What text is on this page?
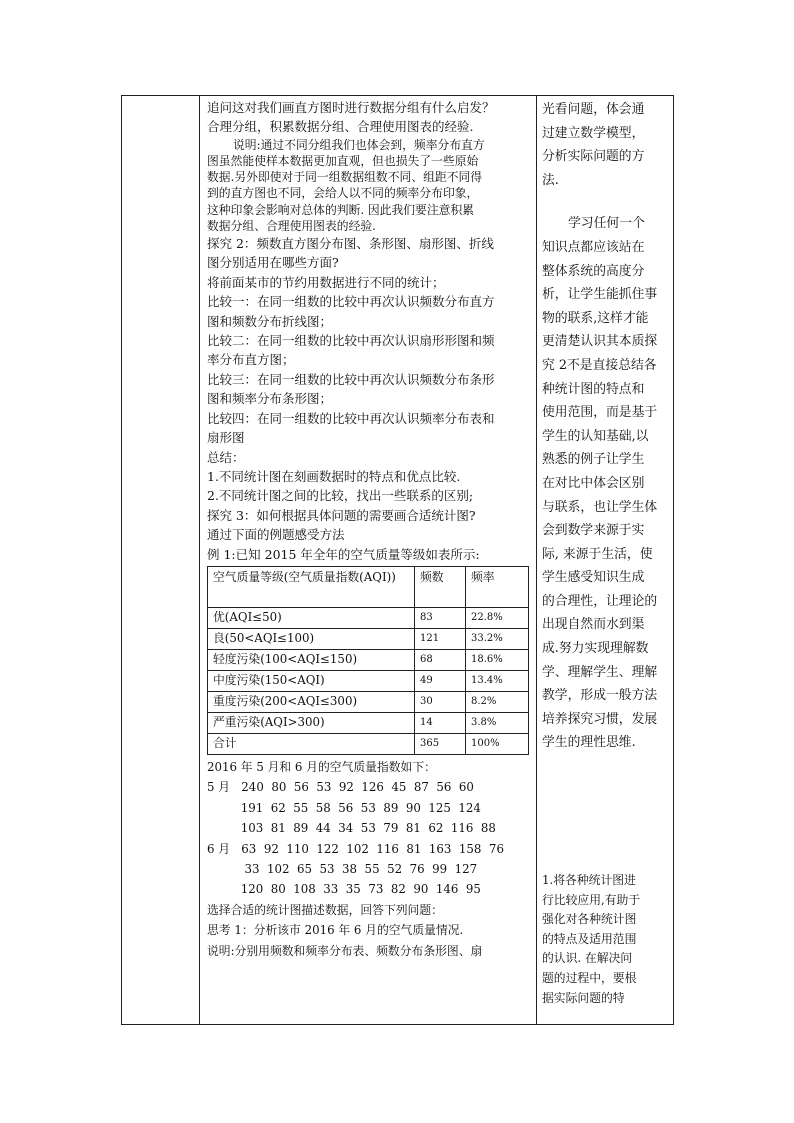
追问这对我们画直方图时进行数据分组有什么启发？

合理分组，积累数据分组、合理使用图表的经验.

说明:通过不同分组我们也体会到，频率分布直方

图虽然能使样本数据更加直观，但也损失了一些原始

数据.另外即使对于同一组数据组数不同、组距不同得

到的直方图也不同，会给人以不同的频率分布印象，

这种印象会影响对总体的判断. 因此我们要注意积累

数据分组、合理使用图表的经验.

探究 2：频数直方图分布图、条形图、扇形图、折线

图分别适用在哪些方面?

将前面某市的节约用数据进行不同的统计；

比较一：在同一组数的比较中再次认识频数分布直方

图和频数分布折线图；

比较二：在同一组数的比较中再次认识扇形形图和频

率分布直方图；

比较三：在同一组数的比较中再次认识频数分布条形

图和频率分布条形图；

比较四：在同一组数的比较中再次认识频率分布表和

扇形图

总结：

1.不同统计图在刻画数据时的特点和优点比较.

2.不同统计图之间的比较，找出一些联系的区别;

探究 3：如何根据具体问题的需要画合适统计图?

通过下面的例题感受方法

例 1:已知 2015 年全年的空气质量等级如表所示:

空气质量等级(空气质量指数(AQI))	频数	频率
优(AQI≤50)	83	22.8%
良(50<AQI≤100)	121	33.2%
轻度污染(100<AQI≤150)	68	18.6%
中度污染(150<AQI)	49	13.4%
重度污染(200<AQI≤300)	30	8.2%
严重污染(AQI>300)	14	3.8%
合计	365	100%

2016 年 5 月和 6 月的空气质量指数如下：

5 月   240  80  56  53  92  126  45  87  56  60

191  62  55  58  56  53  89  90  125  124

103  81  89  44  34  53  79  81  62  116  88

6 月   63  92  110  122  102  116  81  163  158  76

33  102  65  53  38  55  52  76  99  127

120  80  108  33  35  73  82  90  146  95

选择合适的统计图描述数据，回答下列问题：

思考 1：分析该市 2016 年 6 月的空气质量情况.

说明:分别用频数和频率分布表、频数分布条形图、扇

光看问题，体会通

过建立数学模型，

分析实际问题的方

法.

学习任何一个

知识点都应该站在

整体系统的高度分

析，让学生能抓住事

物的联系,这样才能

更清楚认识其本质探

究 2不是直接总结各

种统计图的特点和

使用范围，而是基于

学生的认知基础,以

熟悉的例子让学生

在对比中体会区别

与联系，也让学生体

会到数学来源于实

际, 来源于生活，使

学生感受知识生成

的合理性，让理论的

出现自然而水到渠

成.努力实现理解数

学、理解学生、理解

教学，形成一般方法

培养探究习惯，发展

学生的理性思维.

1.将各种统计图进

行比较应用,有助于

强化对各种统计图

的特点及适用范围

的认识. 在解决问

题的过程中，要根

据实际问题的特
